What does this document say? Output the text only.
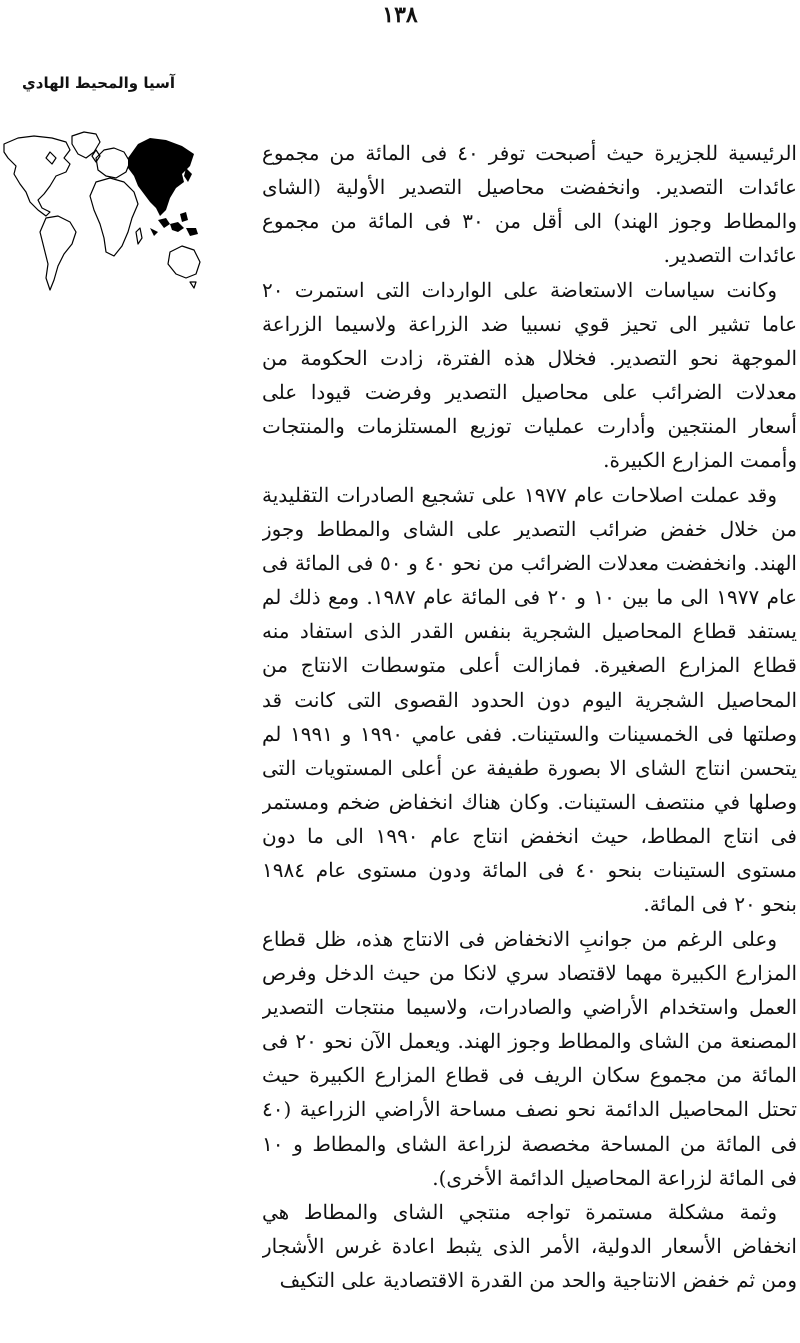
١٣٨
آسيا والمحيط الهادي

الرئيسية للجزيرة حيث أصبحت توفر ٤٠ فى المائة من مجموع عائدات التصدير. وانخفضت محاصيل التصدير الأولية (الشاى والمطاط وجوز الهند) الى أقل من ٣٠ فى المائة من مجموع عائدات التصدير.

وكانت سياسات الاستعاضة على الواردات التى استمرت ٢٠ عاما تشير الى تحيز قوي نسبيا ضد الزراعة ولاسيما الزراعة الموجهة نحو التصدير. فخلال هذه الفترة، زادت الحكومة من معدلات الضرائب على محاصيل التصدير وفرضت قيودا على أسعار المنتجين وأدارت عمليات توزيع المستلزمات والمنتجات وأممت المزارع الكبيرة.

وقد عملت اصلاحات عام ١٩٧٧ على تشجيع الصادرات التقليدية من خلال خفض ضرائب التصدير على الشاى والمطاط وجوز الهند. وانخفضت معدلات الضرائب من نحو ٤٠ و ٥٠ فى المائة فى عام ١٩٧٧ الى ما بين ١٠ و ٢٠ فى المائة عام ١٩٨٧. ومع ذلك لم يستفد قطاع المحاصيل الشجرية بنفس القدر الذى استفاد منه قطاع المزارع الصغيرة. فمازالت أعلى متوسطات الانتاج من المحاصيل الشجرية اليوم دون الحدود القصوى التى كانت قد وصلتها فى الخمسينات والستينات. ففى عامي ١٩٩٠ و ١٩٩١ لم يتحسن انتاج الشاى الا بصورة طفيفة عن أعلى المستويات التى وصلها في منتصف الستينات. وكان هناك انخفاض ضخم ومستمر فى انتاج المطاط، حيث انخفض انتاج عام ١٩٩٠ الى ما دون مستوى الستينات بنحو ٤٠ فى المائة ودون مستوى عام ١٩٨٤ بنحو ٢٠ فى المائة.

وعلى الرغم من جوانبِ الانخفاض فى الانتاج هذه، ظل قطاع المزارع الكبيرة مهما لاقتصاد سري لانكا من حيث الدخل وفرص العمل واستخدام الأراضي والصادرات، ولاسيما منتجات التصدير المصنعة من الشاى والمطاط وجوز الهند. ويعمل الآن نحو ٢٠ فى المائة من مجموع سكان الريف فى قطاع المزارع الكبيرة حيث تحتل المحاصيل الدائمة نحو نصف مساحة الأراضي الزراعية (٤٠ فى المائة من المساحة مخصصة لزراعة الشاى والمطاط و ١٠ فى المائة لزراعة المحاصيل الدائمة الأخرى).

وثمة مشكلة مستمرة تواجه منتجي الشاى والمطاط هي انخفاض الأسعار الدولية، الأمر الذى يثبط اعادة غرس الأشجار ومن ثم خفض الانتاجية والحد من القدرة الاقتصادية على التكيف
